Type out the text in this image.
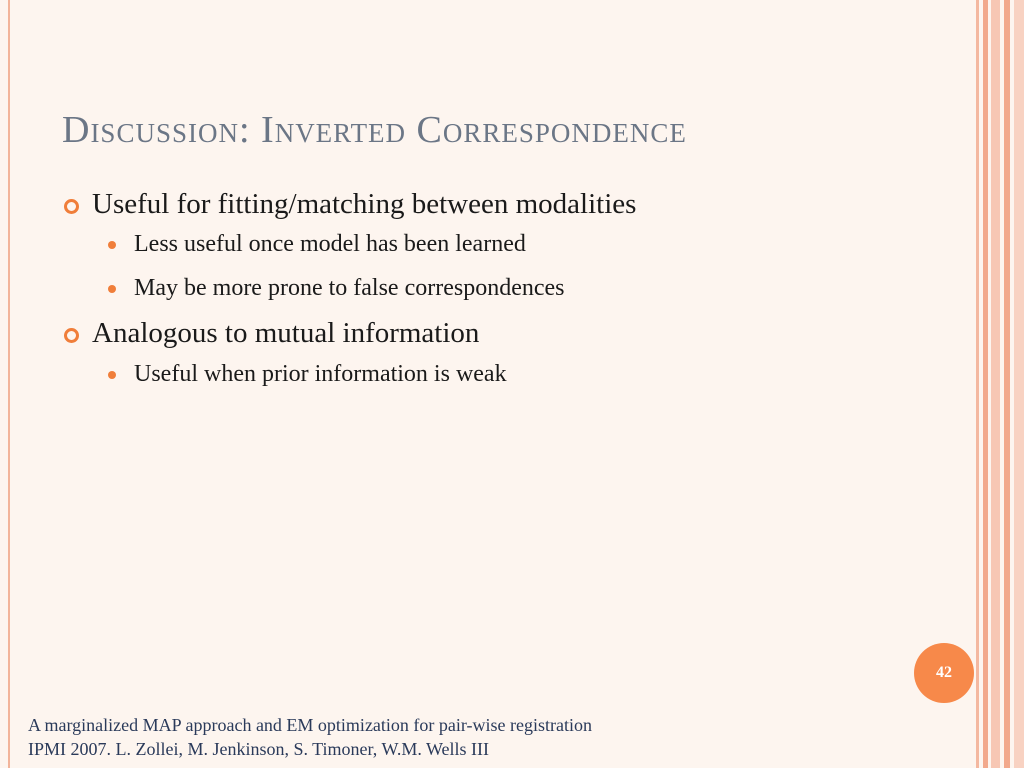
Discussion: Inverted Correspondence
Useful for fitting/matching between modalities
Less useful once model has been learned
May be more prone to false correspondences
Analogous to mutual information
Useful when prior information is weak
42
A marginalized MAP approach and EM optimization for pair-wise registration
IPMI 2007. L. Zollei, M. Jenkinson, S. Timoner, W.M. Wells III
